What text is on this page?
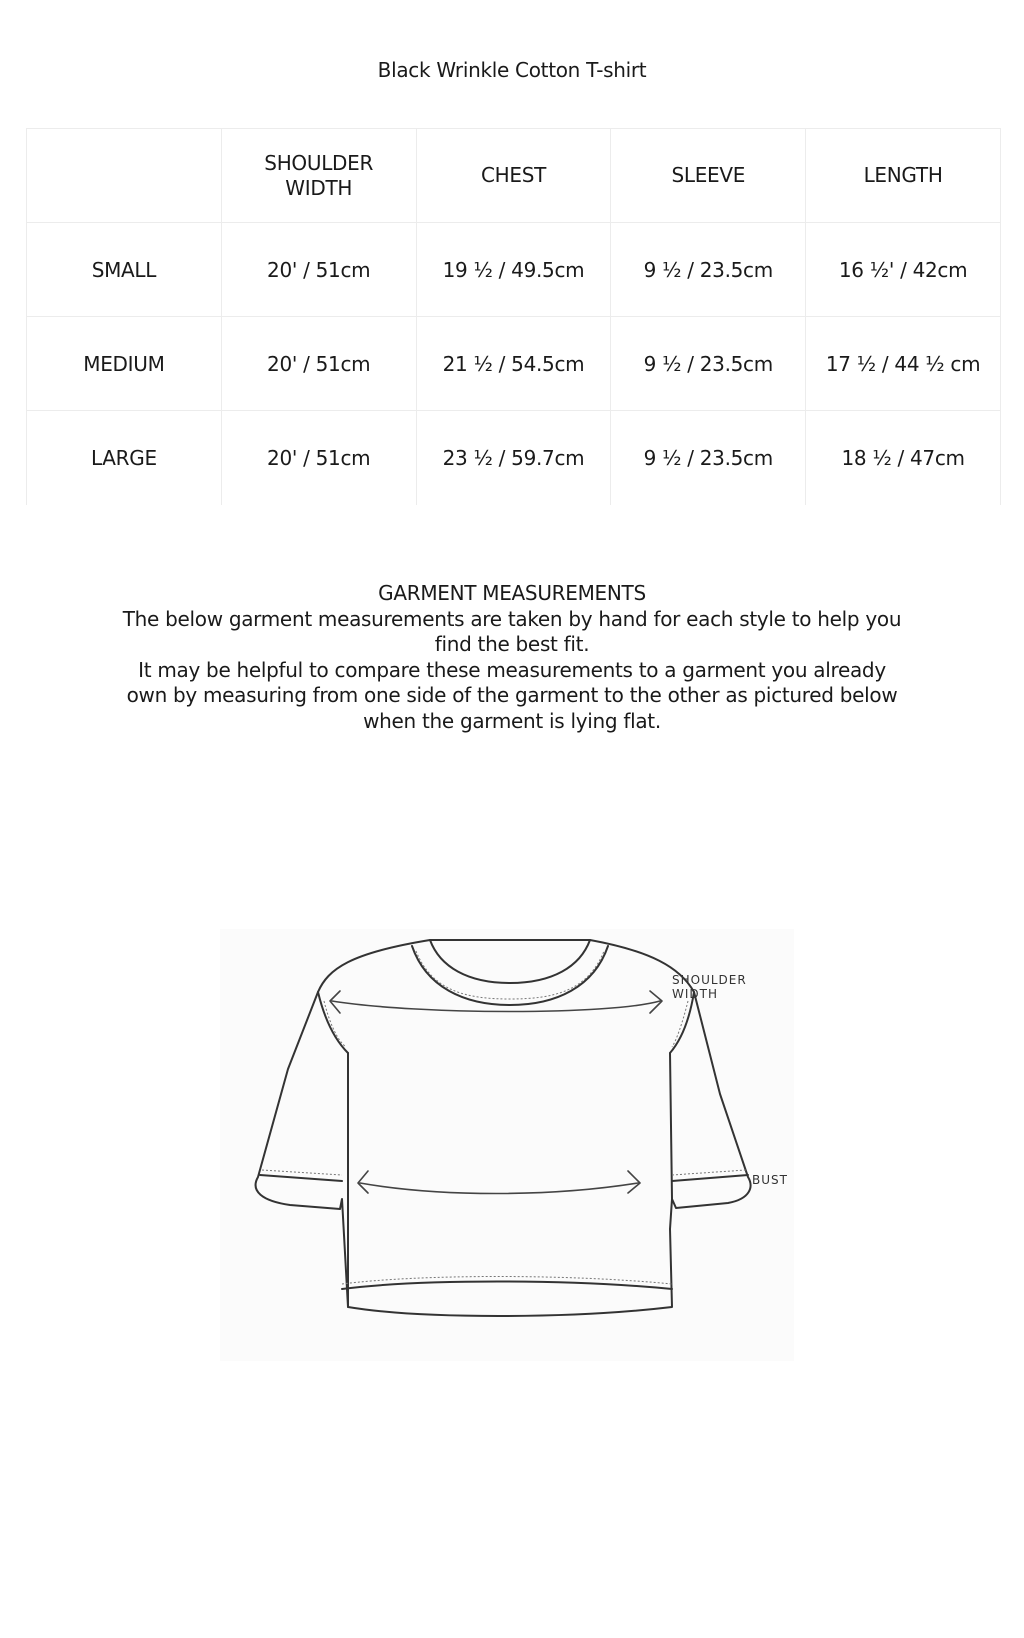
Black Wrinkle Cotton T-shirt
	SHOULDER WIDTH	CHEST	SLEEVE	LENGTH
SMALL	20' / 51cm	19 ½ / 49.5cm	9 ½ / 23.5cm	16 ½' / 42cm
MEDIUM	20' / 51cm	21 ½ / 54.5cm	9 ½ / 23.5cm	17 ½ / 44 ½ cm
LARGE	20' / 51cm	23 ½ / 59.7cm	9 ½ / 23.5cm	18 ½ / 47cm

GARMENT MEASUREMENTS

The below garment measurements are taken by hand for each style to help you find the best fit.

It may be helpful to compare these measurements to a garment you already own by measuring from one side of the garment to the other as pictured below when the garment is lying flat.

SHOULDER WIDTH
BUST
